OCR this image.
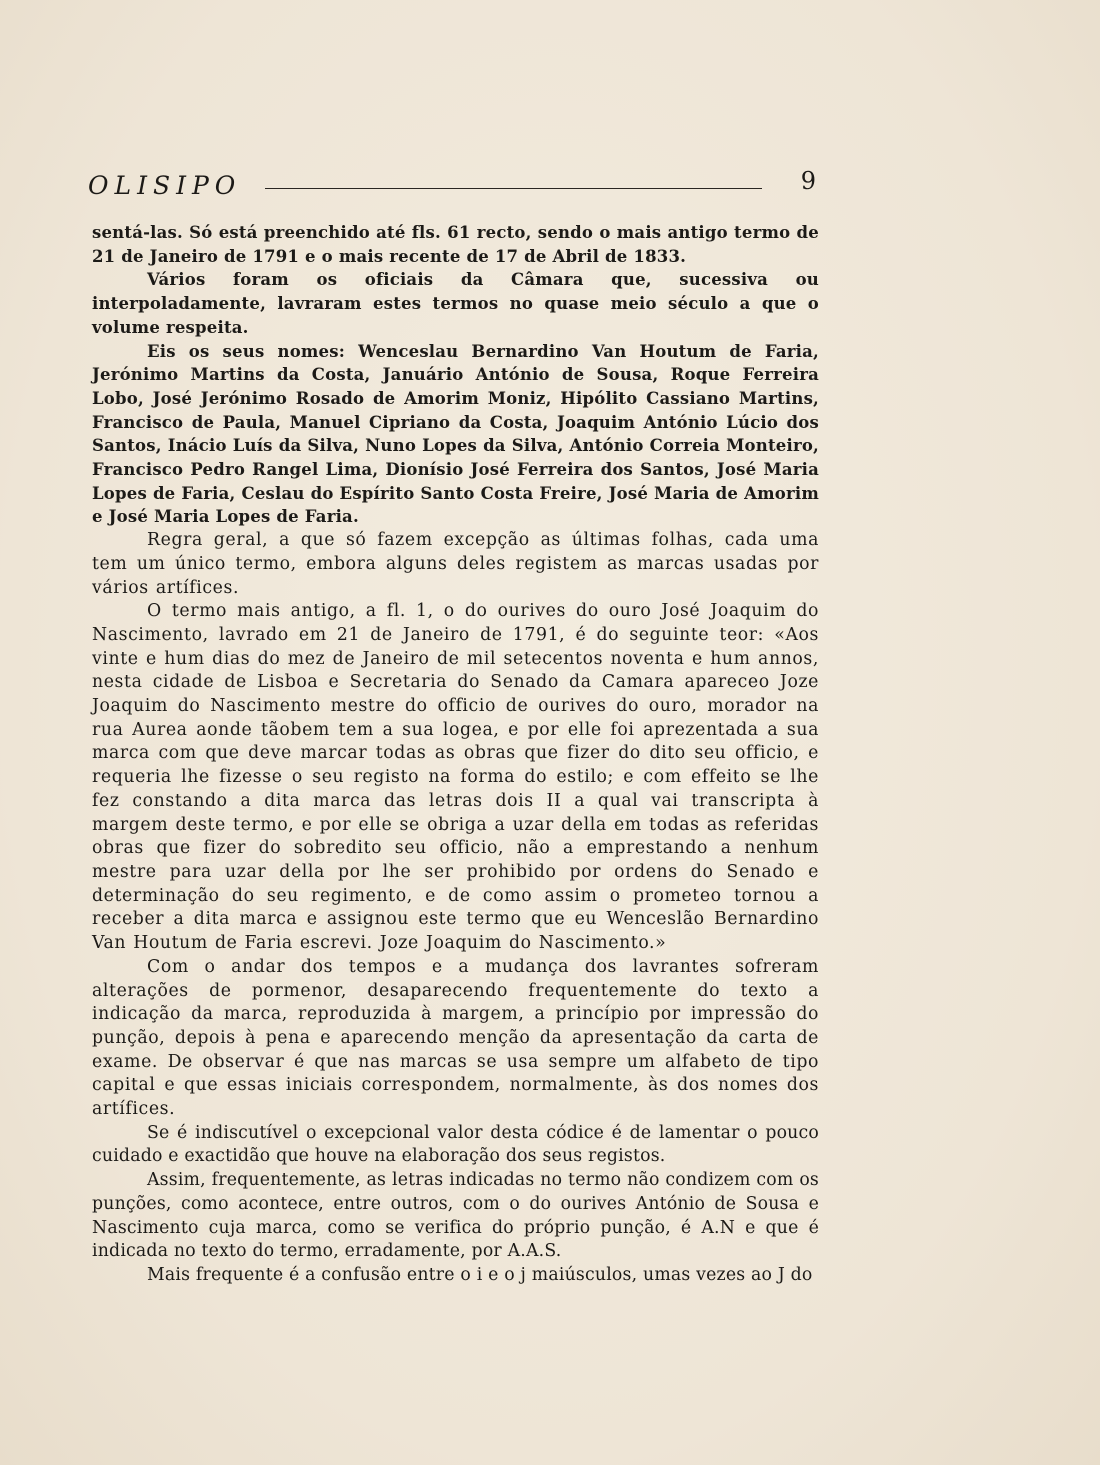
OLISIPO	9

sentá-las. Só está preenchido até fls. 61 recto, sendo o mais antigo termo de 21 de Janeiro de 1791 e o mais recente de 17 de Abril de 1833.

Vários foram os oficiais da Câmara que, sucessiva ou interpoladamente, lavraram estes termos no quase meio século a que o volume respeita.

Eis os seus nomes: Wenceslau Bernardino Van Houtum de Faria, Jerónimo Martins da Costa, Januário António de Sousa, Roque Ferreira Lobo, José Jerónimo Rosado de Amorim Moniz, Hipólito Cassiano Martins, Francisco de Paula, Manuel Cipriano da Costa, Joaquim António Lúcio dos Santos, Inácio Luís da Silva, Nuno Lopes da Silva, António Correia Monteiro, Francisco Pedro Rangel Lima, Dionísio José Ferreira dos Santos, José Maria Lopes de Faria, Ceslau do Espírito Santo Costa Freire, José Maria de Amorim e José Maria Lopes de Faria.

Regra geral, a que só fazem excepção as últimas folhas, cada uma tem um único termo, embora alguns deles registem as marcas usadas por vários artífices.

O termo mais antigo, a fl. 1, o do ourives do ouro José Joaquim do Nascimento, lavrado em 21 de Janeiro de 1791, é do seguinte teor: «Aos vinte e hum dias do mez de Janeiro de mil setecentos noventa e hum annos, nesta cidade de Lisboa e Secretaria do Senado da Camara apareceo Joze Joaquim do Nascimento mestre do officio de ourives do ouro, morador na rua Aurea aonde tãobem tem a sua logea, e por elle foi aprezentada a sua marca com que deve marcar todas as obras que fizer do dito seu officio, e requeria lhe fizesse o seu registo na forma do estilo; e com effeito se lhe fez constando a dita marca das letras dois II a qual vai transcripta à margem deste termo, e por elle se obriga a uzar della em todas as referidas obras que fizer do sobredito seu officio, não a emprestando a nenhum mestre para uzar della por lhe ser prohibido por ordens do Senado e determinação do seu regimento, e de como assim o prometeo tornou a receber a dita marca e assignou este termo que eu Wenceslão Bernardino Van Houtum de Faria escrevi. Joze Joaquim do Nascimento.»

Com o andar dos tempos e a mudança dos lavrantes sofreram alterações de pormenor, desaparecendo frequentemente do texto a indicação da marca, reproduzida à margem, a princípio por impressão do punção, depois à pena e aparecendo menção da apresentação da carta de exame. De observar é que nas marcas se usa sempre um alfabeto de tipo capital e que essas iniciais correspondem, normalmente, às dos nomes dos artífices.

Se é indiscutível o excepcional valor desta códice é de lamentar o pouco cuidado e exactidão que houve na elaboração dos seus registos.

Assim, frequentemente, as letras indicadas no termo não condizem com os punções, como acontece, entre outros, com o do ourives António de Sousa e Nascimento cuja marca, como se verifica do próprio punção, é A.N e que é indicada no texto do termo, erradamente, por A.A.S.

Mais frequente é a confusão entre o i e o j maiúsculos, umas vezes ao J do
